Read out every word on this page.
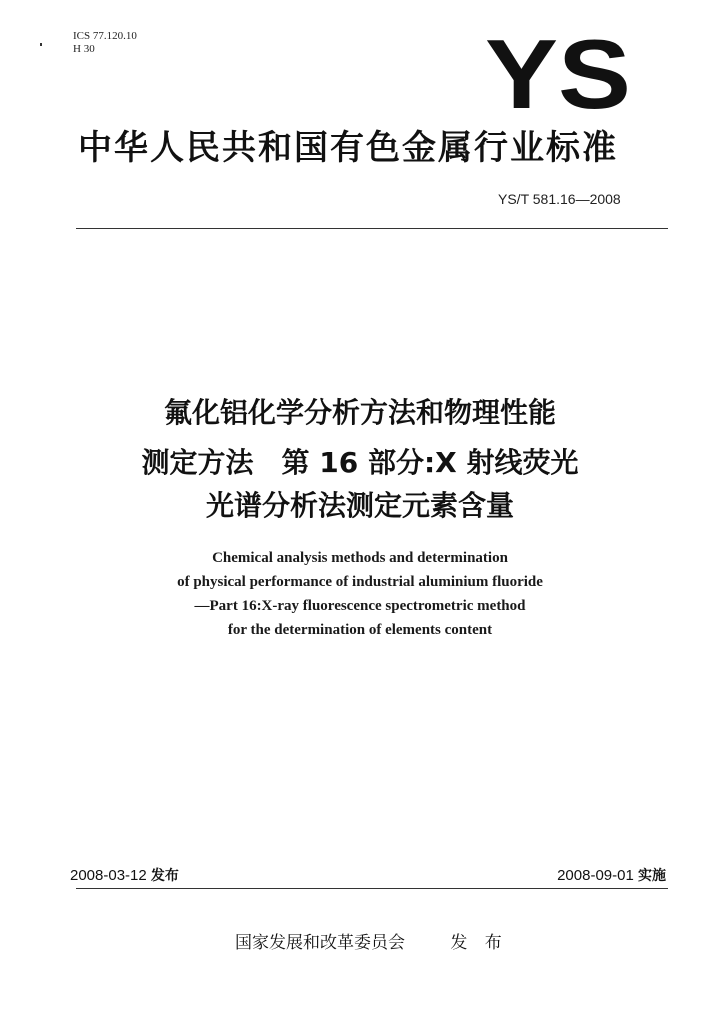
ICS 77.120.10
H 30	YS
中华人民共和国有色金属行业标准
YS/T 581.16—2008
氟化铝化学分析方法和物理性能
测定方法　第 16 部分:X 射线荧光
光谱分析法测定元素含量
Chemical analysis methods and determination
of physical performance of industrial aluminium fluoride
—Part 16:X-ray fluorescence spectrometric method
for the determination of elements content
2008-03-12 发布	2008-09-01 实施
国家发展和改革委员会	发 布
